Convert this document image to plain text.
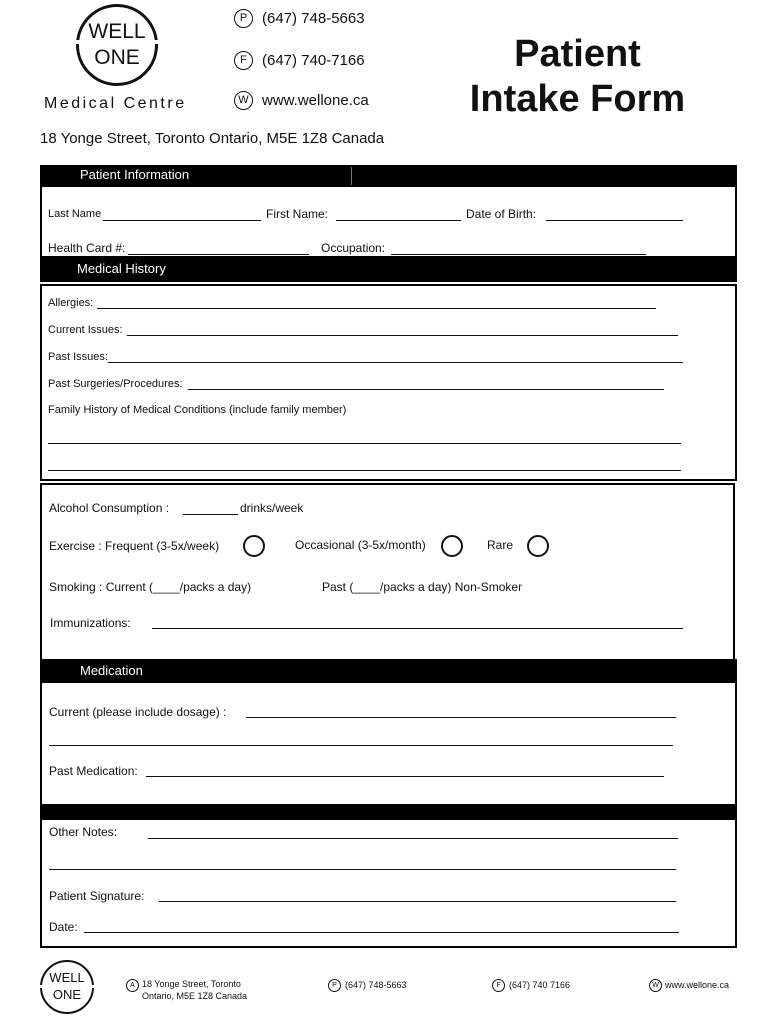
WELL
ONE
Medical Centre
P (647) 748-5663
F	(647) 740-7166
W www.wellone.ca
Patient
Intake Form
18 Yonge Street, Toronto Ontario, M5E 1Z8 Canada
Patient Information
Last Name	First Name:	Date of Birth:
Health Card #:	Occupation:
Medical History
Allergies:
Current Issues:
Past Issues:
Past Surgeries/Procedures:
Family History of Medical Conditions (include family member)
Alcohol Consumption :	drinks/week
Exercise : Frequent (3-5x/week)	Occasional (3-5x/month)	Rare
Smoking : Current (____/packs a day)	Past (____/packs a day) Non-Smoker
Immunizations:
Medication
Current (please include dosage) :
Past Medication:
Other Notes:
Patient Signature:
Date:
WELL
ONE
A 18 Yonge Street, Toronto
Ontario, M5E 1Z8 Canada
P (647) 748-5663	F (647) 740 7166	W www.wellone.ca
